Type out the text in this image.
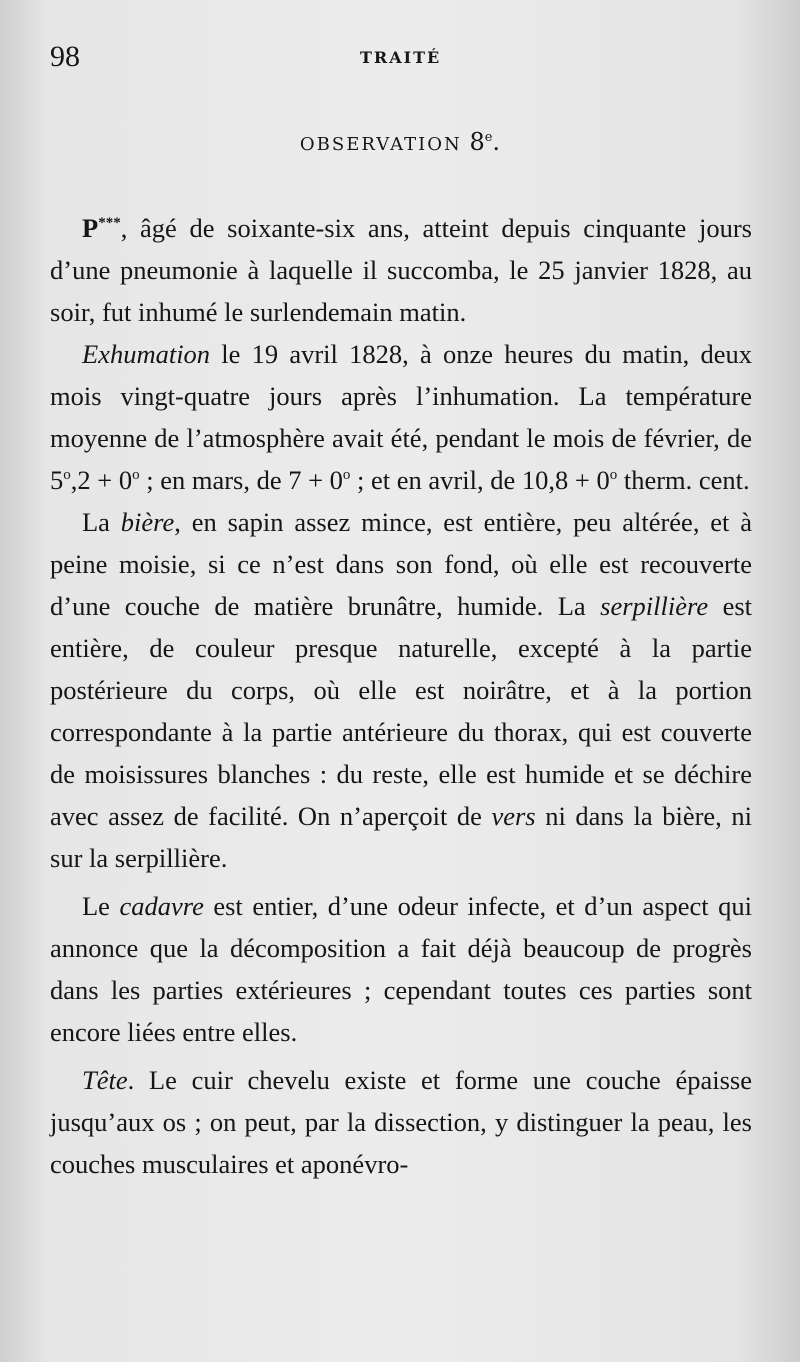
98	TRAITÉ
OBSERVATION 8e.

P***, âgé de soixante-six ans, atteint depuis cinquante jours d’une pneumonie à laquelle il succomba, le 25 janvier 1828, au soir, fut inhumé le surlendemain matin.

Exhumation le 19 avril 1828, à onze heures du matin, deux mois vingt-quatre jours après l’inhumation. La température moyenne de l’atmosphère avait été, pendant le mois de février, de $5^o,2 + 0^o$ ; en mars, de $7 + 0^o$ ; et en avril, de $10,8 + 0^o$ therm. cent.

La bière, en sapin assez mince, est entière, peu altérée, et à peine moisie, si ce n’est dans son fond, où elle est recouverte d’une couche de matière brunâtre, humide. La serpillière est entière, de couleur presque naturelle, excepté à la partie postérieure du corps, où elle est noirâtre, et à la portion correspondante à la partie antérieure du thorax, qui est couverte de moisissures blanches : du reste, elle est humide et se déchire avec assez de facilité. On n’aperçoit de vers ni dans la bière, ni sur la serpillière.

Le cadavre est entier, d’une odeur infecte, et d’un aspect qui annonce que la décomposition a fait déjà beaucoup de progrès dans les parties extérieures ; cependant toutes ces parties sont encore liées entre elles.

Tête. Le cuir chevelu existe et forme une couche épaisse jusqu’aux os ; on peut, par la dissection, y distinguer la peau, les couches musculaires et aponévro-
